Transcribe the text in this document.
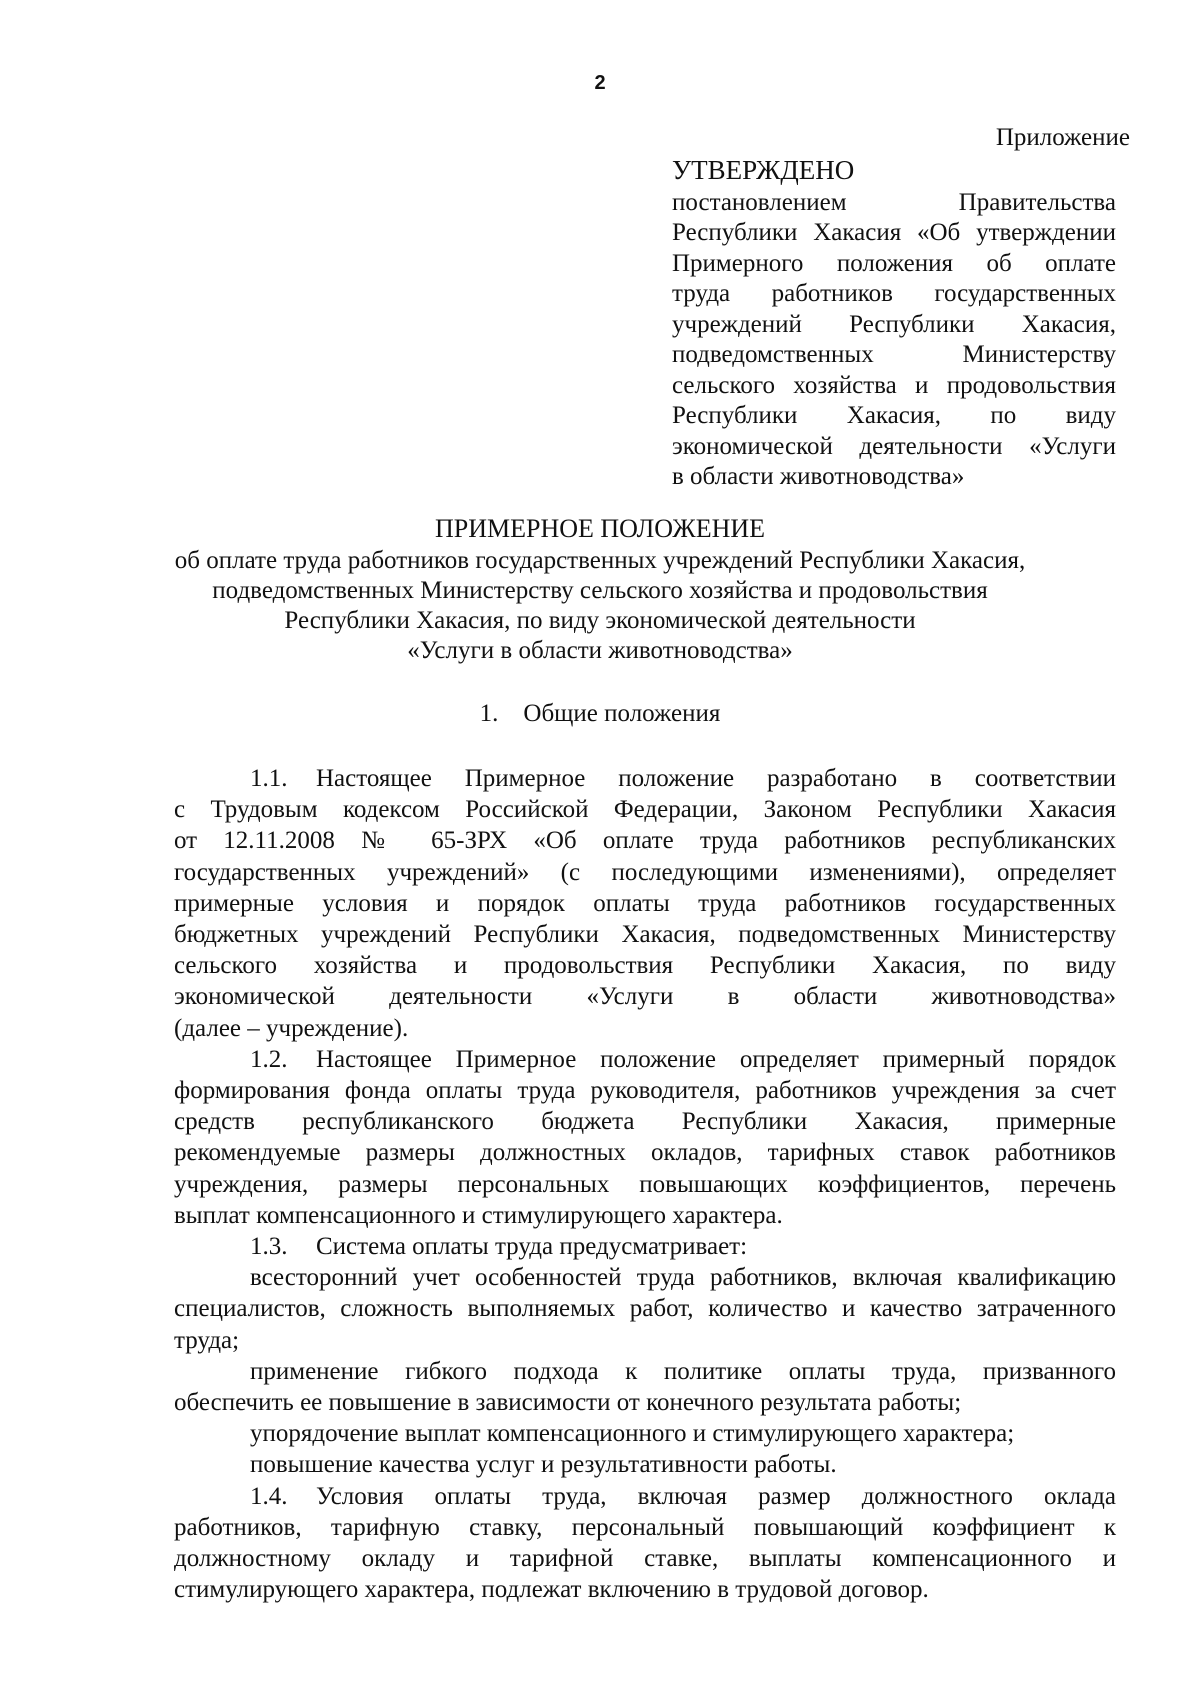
2
Приложение
УТВЕРЖДЕНО
постановлением Правительства
Республики Хакасия «Об утверждении
Примерного положения об оплате
труда работников государственных
учреждений Республики Хакасия,
подведомственных Министерству
сельского хозяйства и продовольствия
Республики Хакасия, по виду
экономической деятельности «Услуги
в области животноводства»
ПРИМЕРНОЕ ПОЛОЖЕНИЕ
об оплате труда работников государственных учреждений Республики Хакасия,
подведомственных Министерству сельского хозяйства и продовольствия
Республики Хакасия, по виду экономической деятельности
«Услуги в области животноводства»
1. Общие положения

1.1. Настоящее Примерное положение разработано в соответствии

с Трудовым кодексом Российской Федерации, Законом Республики Хакасия

от 12.11.2008 № 65-ЗРХ «Об оплате труда работников республиканских

государственных учреждений» (с последующими изменениями), определяет

примерные условия и порядок оплаты труда работников государственных

бюджетных учреждений Республики Хакасия, подведомственных Министерству

сельского хозяйства и продовольствия Республики Хакасия, по виду

экономической деятельности «Услуги в области животноводства»

(далее – учреждение).

1.2. Настоящее Примерное положение определяет примерный порядок

формирования фонда оплаты труда руководителя, работников учреждения за счет

средств республиканского бюджета Республики Хакасия, примерные

рекомендуемые размеры должностных окладов, тарифных ставок работников

учреждения, размеры персональных повышающих коэффициентов, перечень

выплат компенсационного и стимулирующего характера.

1.3. Система оплаты труда предусматривает:

всесторонний учет особенностей труда работников, включая квалификацию

специалистов, сложность выполняемых работ, количество и качество затраченного

труда;

применение гибкого подхода к политике оплаты труда, призванного

обеспечить ее повышение в зависимости от конечного результата работы;

упорядочение выплат компенсационного и стимулирующего характера;

повышение качества услуг и результативности работы.

1.4. Условия оплаты труда, включая размер должностного оклада

работников, тарифную ставку, персональный повышающий коэффициент к

должностному окладу и тарифной ставке, выплаты компенсационного и

стимулирующего характера, подлежат включению в трудовой договор.
